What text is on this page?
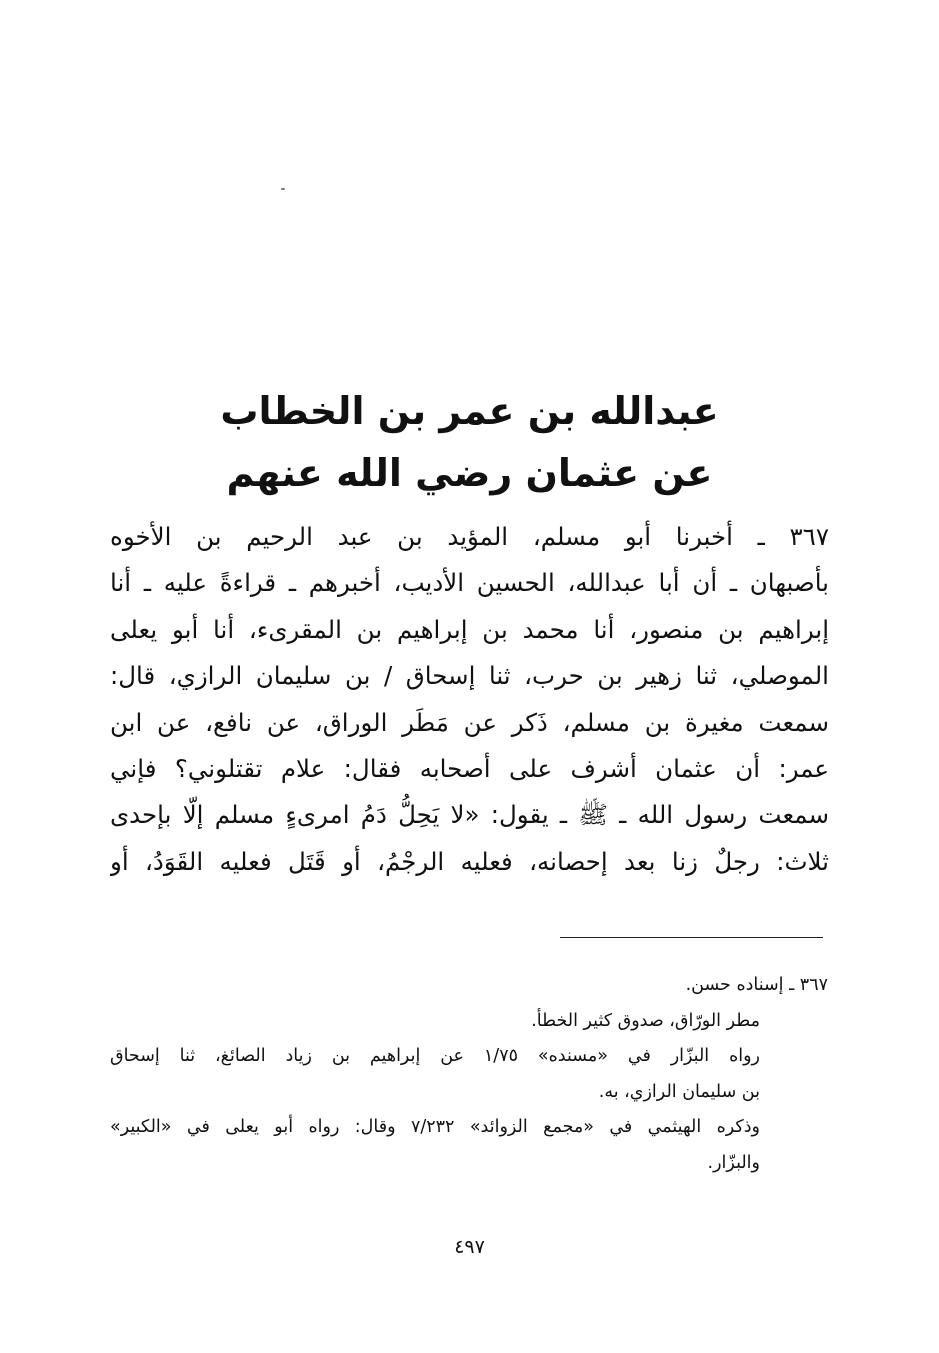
عبدالله بن عمر بن الخطاب
عن عثمان رضي الله عنهم
٣٦٧ ـ أخبرنا أبو مسلم، المؤيد بن عبد الرحيم بن الأخوه
بأصبهان ـ أن أبا عبدالله، الحسين الأديب، أخبرهم ـ قراءةً عليه ـ أنا
إبراهيم بن منصور، أنا محمد بن إبراهيم بن المقرىء، أنا أبو يعلى
الموصلي، ثنا زهير بن حرب، ثنا إسحاق / بن سليمان الرازي، قال:
سمعت مغيرة بن مسلم، ذَكر عن مَطَر الوراق، عن نافع، عن ابن
عمر: أن عثمان أشرف على أصحابه فقال: علام تقتلوني؟ فإني
سمعت رسول الله ـ ﷺ ـ يقول: «لا يَحِلُّ دَمُ امرىءٍ مسلم إلّا بإحدى
ثلاث: رجلٌ زنا بعد إحصانه، فعليه الرجْمُ، أو قَتَل فعليه القَوَدُ، أو
٣٦٧ ـ إسناده حسن.
مطر الورّاق، صدوق كثير الخطأ.
رواه البزّار في «مسنده» ١/٧٥ عن إبراهيم بن زياد الصائغ، ثنا إسحاق
بن سليمان الرازي، به.
وذكره الهيثمي في «مجمع الزوائد» ٧/٢٣٢ وقال: رواه أبو يعلى في «الكبير»
والبزّار.
٤٩٧
